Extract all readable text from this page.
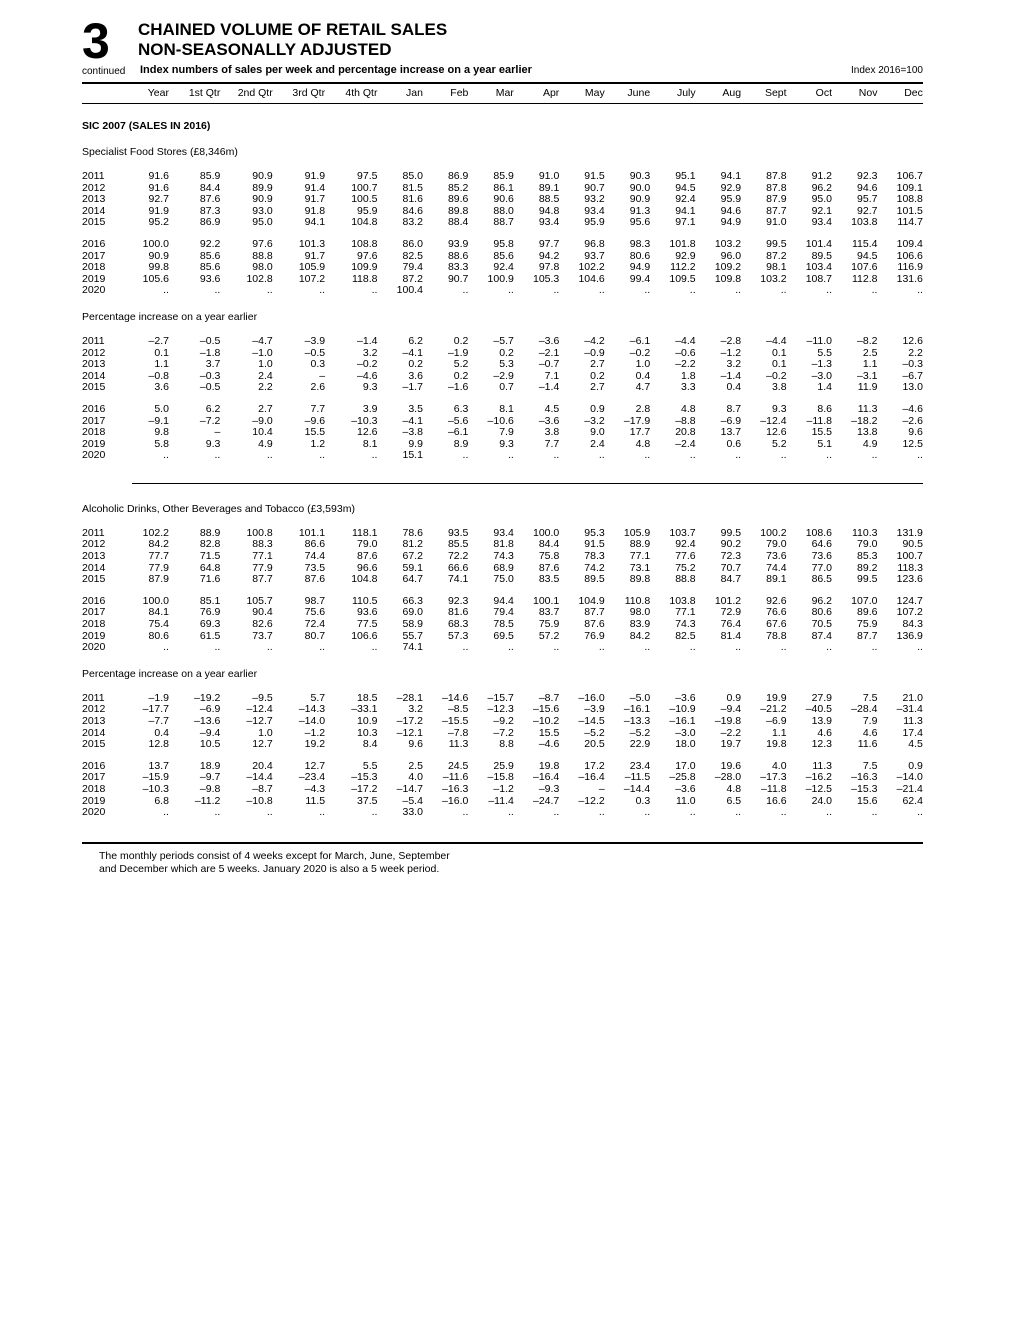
3
continued
CHAINED VOLUME OF RETAIL SALES
NON-SEASONALLY ADJUSTED
Index numbers of sales per week and percentage increase on a year earlier	Index 2016=100
Year	1st Qtr	2nd Qtr	3rd Qtr	4th Qtr	Jan	Feb	Mar	Apr	May	June	July	Aug	Sept	Oct	Nov	Dec
SIC 2007 (SALES IN 2016)
Specialist Food Stores (£8,346m)
2011	91.6	85.9	90.9	91.9	97.5	85.0	86.9	85.9	91.0	91.5	90.3	95.1	94.1	87.8	91.2	92.3	106.7
2012	91.6	84.4	89.9	91.4	100.7	81.5	85.2	86.1	89.1	90.7	90.0	94.5	92.9	87.8	96.2	94.6	109.1
2013	92.7	87.6	90.9	91.7	100.5	81.6	89.6	90.6	88.5	93.2	90.9	92.4	95.9	87.9	95.0	95.7	108.8
2014	91.9	87.3	93.0	91.8	95.9	84.6	89.8	88.0	94.8	93.4	91.3	94.1	94.6	87.7	92.1	92.7	101.5
2015	95.2	86.9	95.0	94.1	104.8	83.2	88.4	88.7	93.4	95.9	95.6	97.1	94.9	91.0	93.4	103.8	114.7
2016	100.0	92.2	97.6	101.3	108.8	86.0	93.9	95.8	97.7	96.8	98.3	101.8	103.2	99.5	101.4	115.4	109.4
2017	90.9	85.6	88.8	91.7	97.6	82.5	88.6	85.6	94.2	93.7	80.6	92.9	96.0	87.2	89.5	94.5	106.6
2018	99.8	85.6	98.0	105.9	109.9	79.4	83.3	92.4	97.8	102.2	94.9	112.2	109.2	98.1	103.4	107.6	116.9
2019	105.6	93.6	102.8	107.2	118.8	87.2	90.7	100.9	105.3	104.6	99.4	109.5	109.8	103.2	108.7	112.8	131.6
2020	..	..	..	..	..	100.4	..	..	..	..	..	..	..	..	..	..	..
Percentage increase on a year earlier
2011	–2.7	–0.5	–4.7	–3.9	–1.4	6.2	0.2	–5.7	–3.6	–4.2	–6.1	–4.4	–2.8	–4.4	–11.0	–8.2	12.6
2012	0.1	–1.8	–1.0	–0.5	3.2	–4.1	–1.9	0.2	–2.1	–0.9	–0.2	–0.6	–1.2	0.1	5.5	2.5	2.2
2013	1.1	3.7	1.0	0.3	–0.2	0.2	5.2	5.3	–0.7	2.7	1.0	–2.2	3.2	0.1	–1.3	1.1	–0.3
2014	–0.8	–0.3	2.4	–	–4.6	3.6	0.2	–2.9	7.1	0.2	0.4	1.8	–1.4	–0.2	–3.0	–3.1	–6.7
2015	3.6	–0.5	2.2	2.6	9.3	–1.7	–1.6	0.7	–1.4	2.7	4.7	3.3	0.4	3.8	1.4	11.9	13.0
2016	5.0	6.2	2.7	7.7	3.9	3.5	6.3	8.1	4.5	0.9	2.8	4.8	8.7	9.3	8.6	11.3	–4.6
2017	–9.1	–7.2	–9.0	–9.6	–10.3	–4.1	–5.6	–10.6	–3.6	–3.2	–17.9	–8.8	–6.9	–12.4	–11.8	–18.2	–2.6
2018	9.8	–	10.4	15.5	12.6	–3.8	–6.1	7.9	3.8	9.0	17.7	20.8	13.7	12.6	15.5	13.8	9.6
2019	5.8	9.3	4.9	1.2	8.1	9.9	8.9	9.3	7.7	2.4	4.8	–2.4	0.6	5.2	5.1	4.9	12.5
2020	..	..	..	..	..	15.1	..	..	..	..	..	..	..	..	..	..	..
Alcoholic Drinks, Other Beverages and Tobacco (£3,593m)
2011	102.2	88.9	100.8	101.1	118.1	78.6	93.5	93.4	100.0	95.3	105.9	103.7	99.5	100.2	108.6	110.3	131.9
2012	84.2	82.8	88.3	86.6	79.0	81.2	85.5	81.8	84.4	91.5	88.9	92.4	90.2	79.0	64.6	79.0	90.5
2013	77.7	71.5	77.1	74.4	87.6	67.2	72.2	74.3	75.8	78.3	77.1	77.6	72.3	73.6	73.6	85.3	100.7
2014	77.9	64.8	77.9	73.5	96.6	59.1	66.6	68.9	87.6	74.2	73.1	75.2	70.7	74.4	77.0	89.2	118.3
2015	87.9	71.6	87.7	87.6	104.8	64.7	74.1	75.0	83.5	89.5	89.8	88.8	84.7	89.1	86.5	99.5	123.6
2016	100.0	85.1	105.7	98.7	110.5	66.3	92.3	94.4	100.1	104.9	110.8	103.8	101.2	92.6	96.2	107.0	124.7
2017	84.1	76.9	90.4	75.6	93.6	69.0	81.6	79.4	83.7	87.7	98.0	77.1	72.9	76.6	80.6	89.6	107.2
2018	75.4	69.3	82.6	72.4	77.5	58.9	68.3	78.5	75.9	87.6	83.9	74.3	76.4	67.6	70.5	75.9	84.3
2019	80.6	61.5	73.7	80.7	106.6	55.7	57.3	69.5	57.2	76.9	84.2	82.5	81.4	78.8	87.4	87.7	136.9
2020	..	..	..	..	..	74.1	..	..	..	..	..	..	..	..	..	..	..
Percentage increase on a year earlier
2011	–1.9	–19.2	–9.5	5.7	18.5	–28.1	–14.6	–15.7	–8.7	–16.0	–5.0	–3.6	0.9	19.9	27.9	7.5	21.0
2012	–17.7	–6.9	–12.4	–14.3	–33.1	3.2	–8.5	–12.3	–15.6	–3.9	–16.1	–10.9	–9.4	–21.2	–40.5	–28.4	–31.4
2013	–7.7	–13.6	–12.7	–14.0	10.9	–17.2	–15.5	–9.2	–10.2	–14.5	–13.3	–16.1	–19.8	–6.9	13.9	7.9	11.3
2014	0.4	–9.4	1.0	–1.2	10.3	–12.1	–7.8	–7.2	15.5	–5.2	–5.2	–3.0	–2.2	1.1	4.6	4.6	17.4
2015	12.8	10.5	12.7	19.2	8.4	9.6	11.3	8.8	–4.6	20.5	22.9	18.0	19.7	19.8	12.3	11.6	4.5
2016	13.7	18.9	20.4	12.7	5.5	2.5	24.5	25.9	19.8	17.2	23.4	17.0	19.6	4.0	11.3	7.5	0.9
2017	–15.9	–9.7	–14.4	–23.4	–15.3	4.0	–11.6	–15.8	–16.4	–16.4	–11.5	–25.8	–28.0	–17.3	–16.2	–16.3	–14.0
2018	–10.3	–9.8	–8.7	–4.3	–17.2	–14.7	–16.3	–1.2	–9.3	–	–14.4	–3.6	4.8	–11.8	–12.5	–15.3	–21.4
2019	6.8	–11.2	–10.8	11.5	37.5	–5.4	–16.0	–11.4	–24.7	–12.2	0.3	11.0	6.5	16.6	24.0	15.6	62.4
2020	..	..	..	..	..	33.0	..	..	..	..	..	..	..	..	..	..	..
The monthly periods consist of 4 weeks except for March, June, September
and December which are 5 weeks. January 2020 is also a 5 week period.
